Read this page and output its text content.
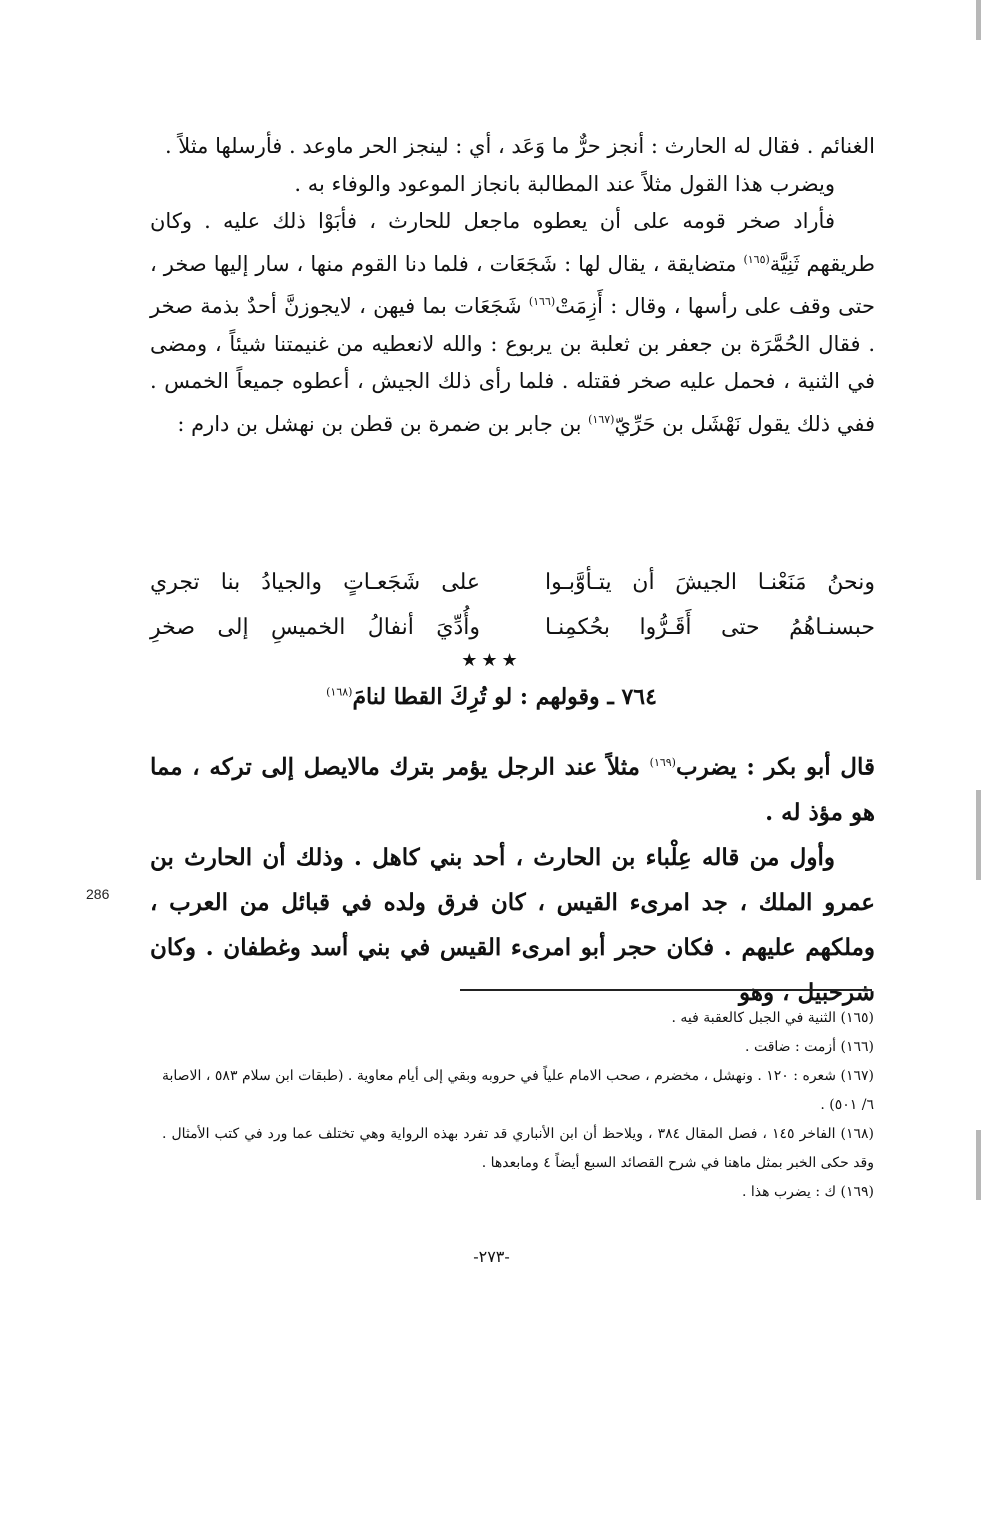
الغنائم . فقال له الحارث : أنجز حرٌّ ما وَعَد ، أي : لينجز الحر ماوعد . فأرسلها مثلاً .

ويضرب هذا القول مثلاً عند المطالبة بانجاز الموعود والوفاء به .

فأراد صخر قومه على أن يعطوه ماجعل للحارث ، فأبَوْا ذلك عليه . وكان طريقهم ثَنِيَّة$^{(١٦٥)}$ متضايقة ، يقال لها : شَجَعَات ، فلما دنا القوم منها ، سار إليها صخر ، حتى وقف على رأسها ، وقال : أَزِمَتْ$^{(١٦٦)}$ شَجَعَات بما فيهن ، لايجوزنَّ أحدٌ بذمة صخر . فقال الحُمَّرَة بن جعفر بن ثعلبة بن يربوع : والله لانعطيه من غنيمتنا شيئاً ، ومضى في الثنية ، فحمل عليه صخر فقتله . فلما رأى ذلك الجيش ، أعطوه جميعاً الخمس . ففي ذلك يقول نَهْشَل بن حَرِّيّ$^{(١٦٧)}$ بن جابر بن ضمرة بن قطن بن نهشل بن دارم :

ونحنُ مَنَعْنـا الجيشَ أن يتـأوَّبـوا
على شَجَعـاتٍ والجيادُ بنا تجري
حبسنـاهُمُ حتى أَقَـرُّوا بحُكمِنـا
وأُدِّيَ أنفالُ الخميسِ إلى صخرِ
★★★
٧٦٤ ـ وقولهم : لو تُرِكَ القطا لنامَ$^{(١٦٨)}$

قال أبو بكر : يضرب$^{(١٦٩)}$ مثلاً عند الرجل يؤمر بترك مالايصل إلى تركه ، مما هو مؤذ له .

وأول من قاله عِلْباء بن الحارث ، أحد بني كاهل . وذلك أن الحارث بن عمرو الملك ، جد امرىء القيس ، كان فرق ولده في قبائل من العرب ، وملكهم عليهم . فكان حجر أبو امرىء القيس في بني أسد وغطفان . وكان شرحبيل ، وهو

286

(١٦٥) الثنية في الجبل كالعقبة فيه .

(١٦٦) أزمت : ضاقت .

(١٦٧) شعره : ١٢٠ . ونهشل ، مخضرم ، صحب الامام علياً في حروبه وبقي إلى أيام معاوية . (طبقات ابن سلام ٥٨٣ ، الاصابة ٦/ ٥٠١) .

(١٦٨) الفاخر ١٤٥ ، فصل المقال ٣٨٤ ، ويلاحظ أن ابن الأنباري قد تفرد بهذه الرواية وهي تختلف عما ورد في كتب الأمثال . وقد حكى الخبر بمثل ماهنا في شرح القصائد السبع أيضاً ٤ ومابعدها .

(١٦٩) ك : يضرب هذا .

-٢٧٣-
